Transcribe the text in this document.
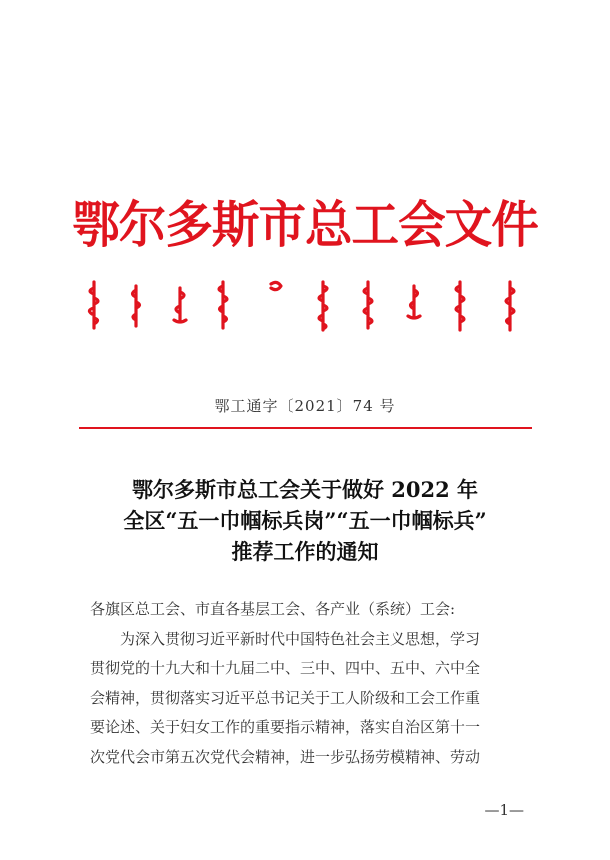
鄂尔多斯市总工会文件
鄂工通字〔2021〕74 号
鄂尔多斯市总工会关于做好 2022 年
全区“五一巾帼标兵岗”“五一巾帼标兵”
推荐工作的通知

各旗区总工会、市直各基层工会、各产业（系统）工会:

为深入贯彻习近平新时代中国特色社会主义思想，学习

贯彻党的十九大和十九届二中、三中、四中、五中、六中全

会精神，贯彻落实习近平总书记关于工人阶级和工会工作重

要论述、关于妇女工作的重要指示精神，落实自治区第十一

次党代会市第五次党代会精神，进一步弘扬劳模精神、劳动

—1—
